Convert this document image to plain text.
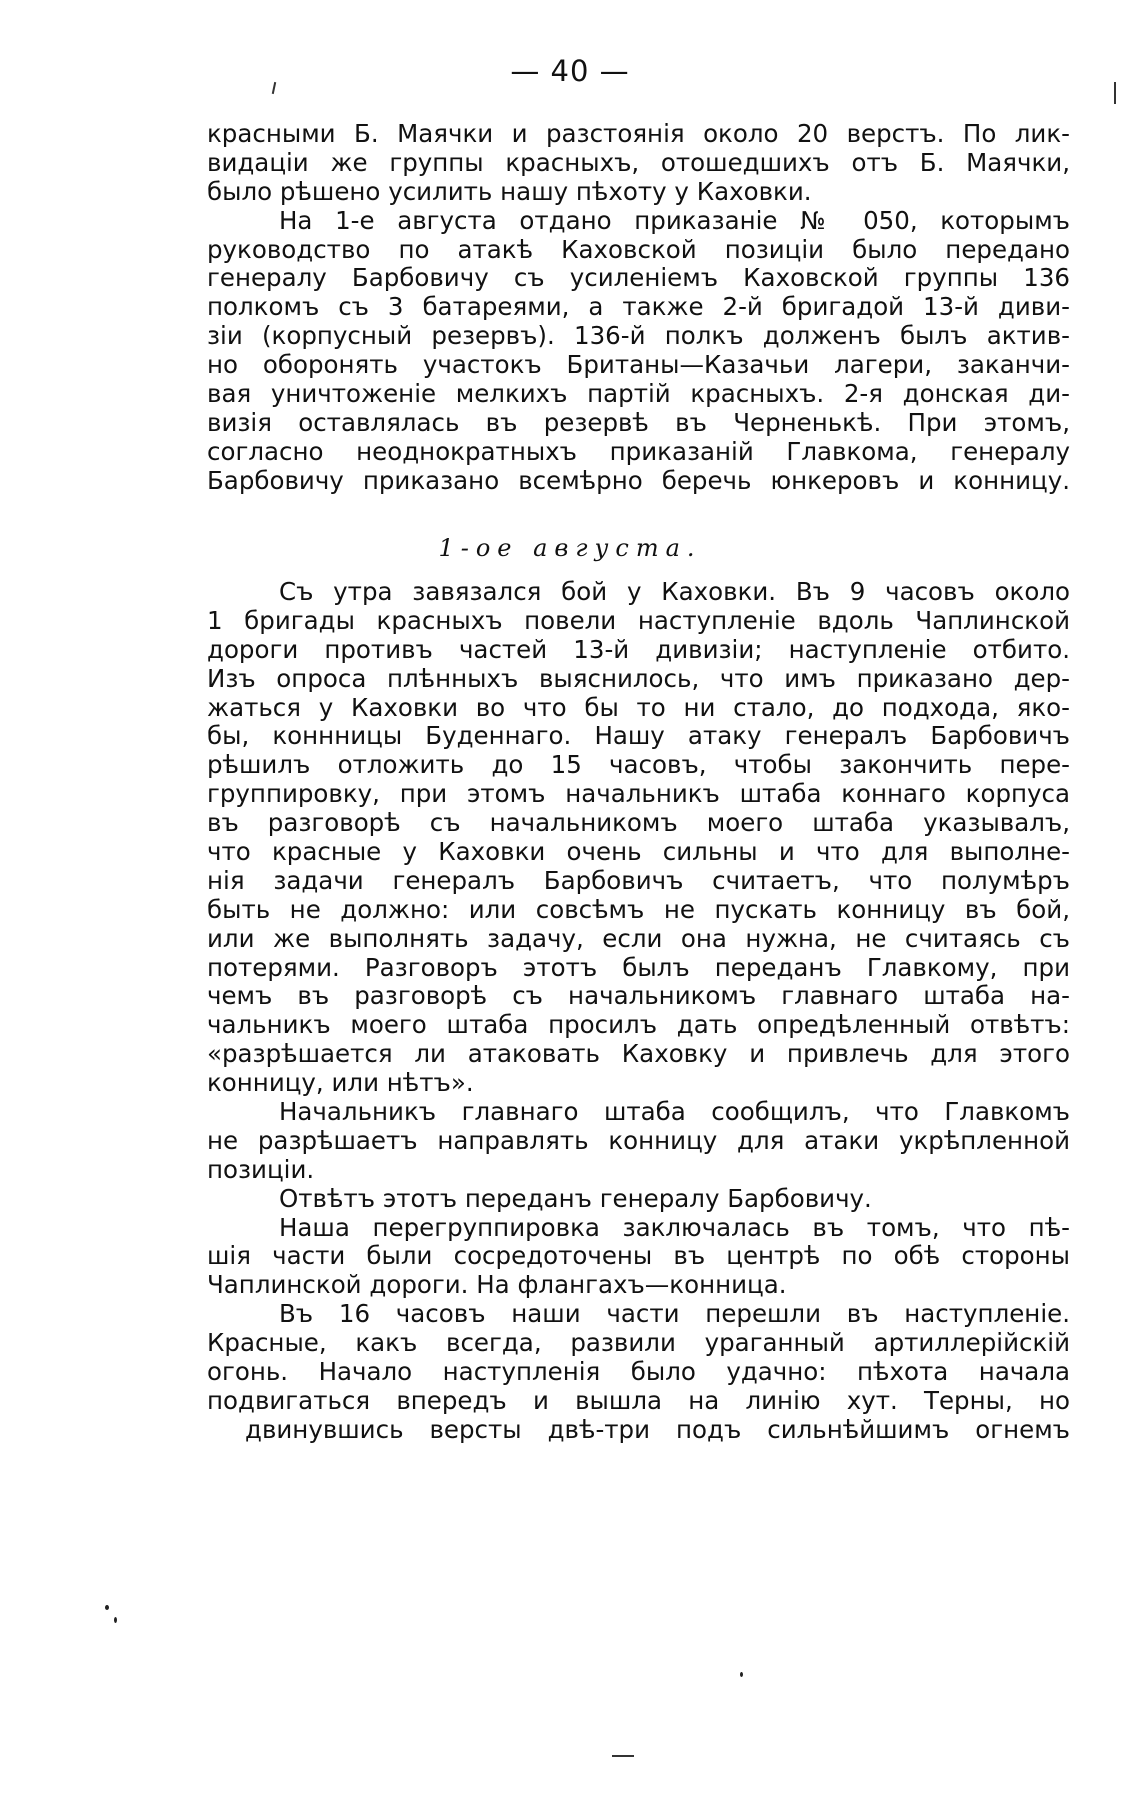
— 40 —
красными Б. Маячки и разстоянія около 20 верстъ. По лик-
видаціи же группы красныхъ, отошедшихъ отъ Б. Маячки,
было рѣшено усилить нашу пѣхоту у Каховки.
На 1-е августа отдано приказаніе № 050, которымъ
руководство по атакѣ Каховской позиціи было передано
генералу Барбовичу съ усиленіемъ Каховской группы 136
полкомъ съ 3 батареями, а также 2-й бригадой 13-й диви-
зіи (корпусный резервъ). 136-й полкъ долженъ былъ актив-
но оборонять участокъ Британы—Казачьи лагери, заканчи-
вая уничтоженіе мелкихъ партій красныхъ. 2-я донская ди-
визія оставлялась въ резервѣ въ Черненькѣ. При этомъ,
согласно неоднократныхъ приказаній Главкома, генералу
Барбовичу приказано всемѣрно беречь юнкеровъ и конницу.
1-ое августа.
Съ утра завязался бой у Каховки. Въ 9 часовъ около
1 бригады красныхъ повели наступленіе вдоль Чаплинской
дороги противъ частей 13-й дивизіи; наступленіе отбито.
Изъ опроса плѣнныхъ выяснилось, что имъ приказано дер-
жаться у Каховки во что бы то ни стало, до подхода, яко-
бы, коннницы Буденнаго. Нашу атаку генералъ Барбовичъ
рѣшилъ отложить до 15 часовъ, чтобы закончить перe-
группировку, при этомъ начальникъ штаба коннаго корпуса
въ разговорѣ съ начальникомъ моего штаба указывалъ,
что красные у Каховки очень сильны и что для выполне-
нія задачи генералъ Барбовичъ считаетъ, что полумѣръ
быть не должно: или совсѣмъ не пускать конницу въ бой,
или же выполнять задачу, если она нужна, не считаясь съ
потерями. Разговоръ этотъ былъ переданъ Главкому, при
чемъ въ разговорѣ съ начальникомъ главнаго штаба на-
чальникъ моего штаба просилъ дать опредѣленный отвѣтъ:
«разрѣшается ли атаковать Каховку и привлечь для этого
конницу, или нѣтъ».
Начальникъ главнаго штаба сообщилъ, что Главкомъ
не разрѣшаетъ направлять конницу для атаки укрѣпленной
позиціи.
Отвѣтъ этотъ переданъ генералу Барбовичу.
Наша перегруппировка заключалась въ томъ, что пѣ-
шія части были сосредоточены въ центрѣ по обѣ стороны
Чаплинской дороги. На флангахъ—конница.
Въ 16 часовъ наши части перешли въ наступленіе.
Красные, какъ всегда, развили ураганный артиллерійскій
огонь. Начало наступленія было удачно: пѣхота начала
подвигаться впередъ и вышла на линію хут. Терны, но
двинувшись версты двѣ-три подъ сильнѣйшимъ огнемъ
